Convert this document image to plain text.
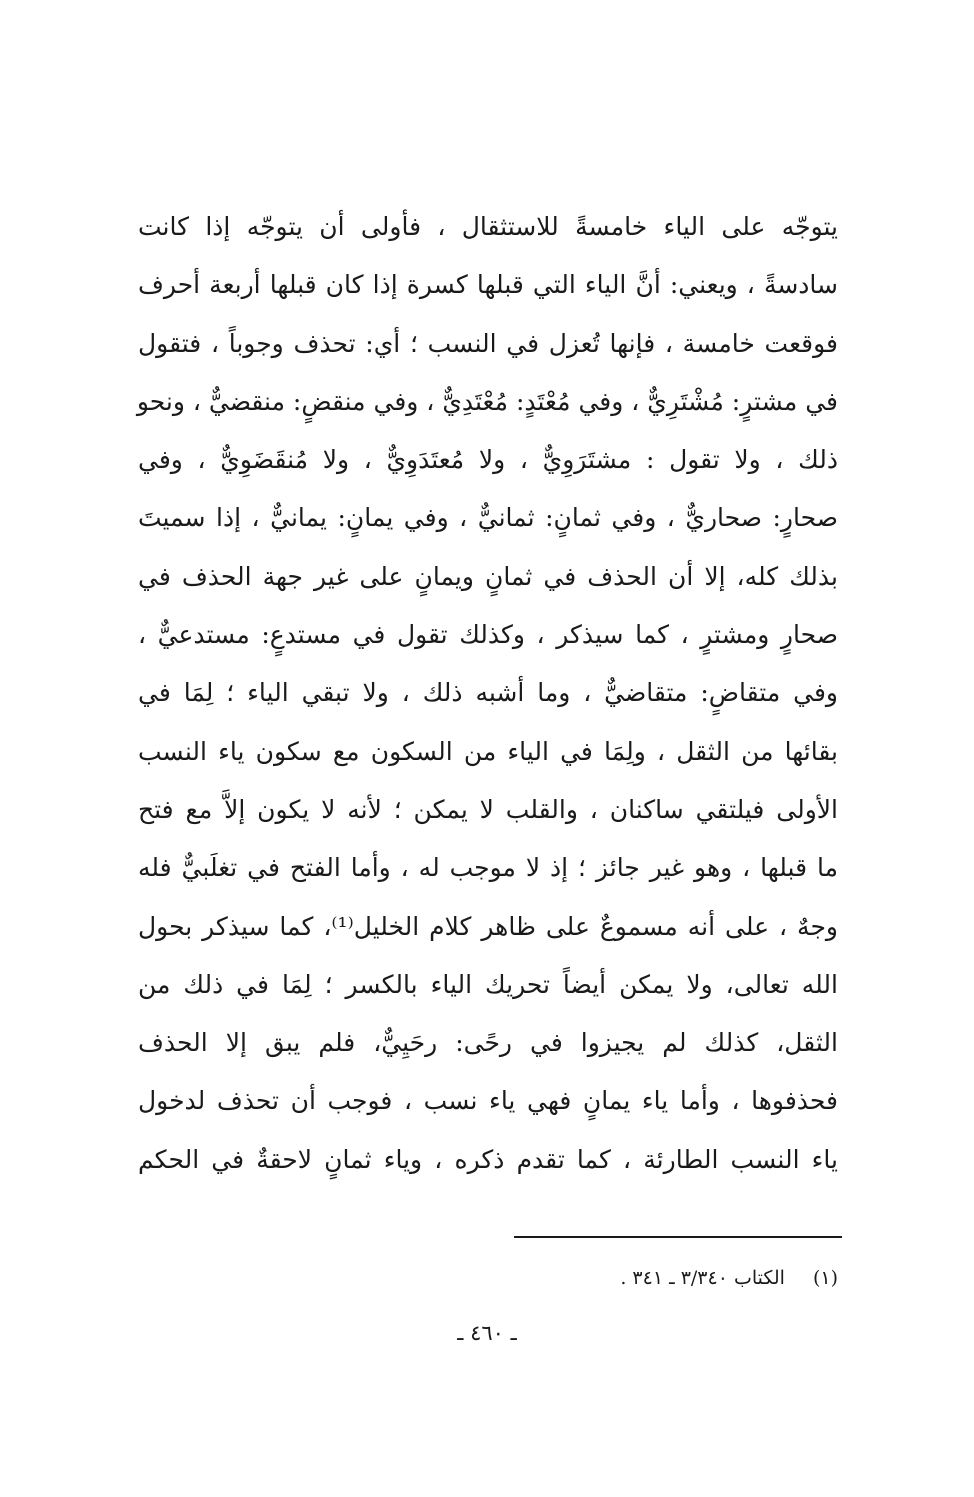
يتوجّه على الياء خامسةً للاستثقال ، فأولى أن يتوجّه إذا كانت
سادسةً ، ويعني: أنَّ الياء التي قبلها كسرة إذا كان قبلها أربعة أحرف
فوقعت خامسة ، فإنها تُعزل في النسب ؛ أي: تحذف وجوباً ، فتقول
في مشترٍ: مُشْتَرِيٌّ ، وفي مُعْتَدٍ: مُعْتَدِيٌّ ، وفي منقضٍ: منقضيٌّ ، ونحو
ذلك ، ولا تقول : مشتَرَوِيٌّ ، ولا مُعتَدَوِيٌّ ، ولا مُنقَضَوِيٌّ ، وفي
صحارٍ: صحاريٌّ ، وفي ثمانٍ: ثمانيٌّ ، وفي يمانٍ: يمانيٌّ ، إذا سميتَ
بذلك كله، إلا أن الحذف في ثمانٍ ويمانٍ على غير جهة الحذف في
صحارٍ ومشترٍ ، كما سيذكر ، وكذلك تقول في مستدعٍ: مستدعيٌّ ،
وفي متقاضٍ: متقاضيٌّ ، وما أشبه ذلك ، ولا تبقي الياء ؛ لِمَا في
بقائها من الثقل ، ولِمَا في الياء من السكون مع سكون ياء النسب
الأولى فيلتقي ساكنان ، والقلب لا يمكن ؛ لأنه لا يكون إلاَّ مع فتح
ما قبلها ، وهو غير جائز ؛ إذ لا موجب له ، وأما الفتح في تغلَبيٌّ فله
وجهٌ ، على أنه مسموعٌ على ظاهر كلام الخليل⁽¹⁾، كما سيذكر بحول
الله تعالى، ولا يمكن أيضاً تحريك الياء بالكسر ؛ لِمَا في ذلك من
الثقل، كذلك لم يجيزوا في رحًى: رحَيِيٌّ، فلم يبق إلا الحذف
فحذفوها ، وأما ياء يمانٍ فهي ياء نسب ، فوجب أن تحذف لدخول
ياء النسب الطارئة ، كما تقدم ذكره ، وياء ثمانٍ لاحقةٌ في الحكم
(١)الكتاب ٣/٣٤٠ ـ ٣٤١ .
ـ ٤٦٠ ـ
